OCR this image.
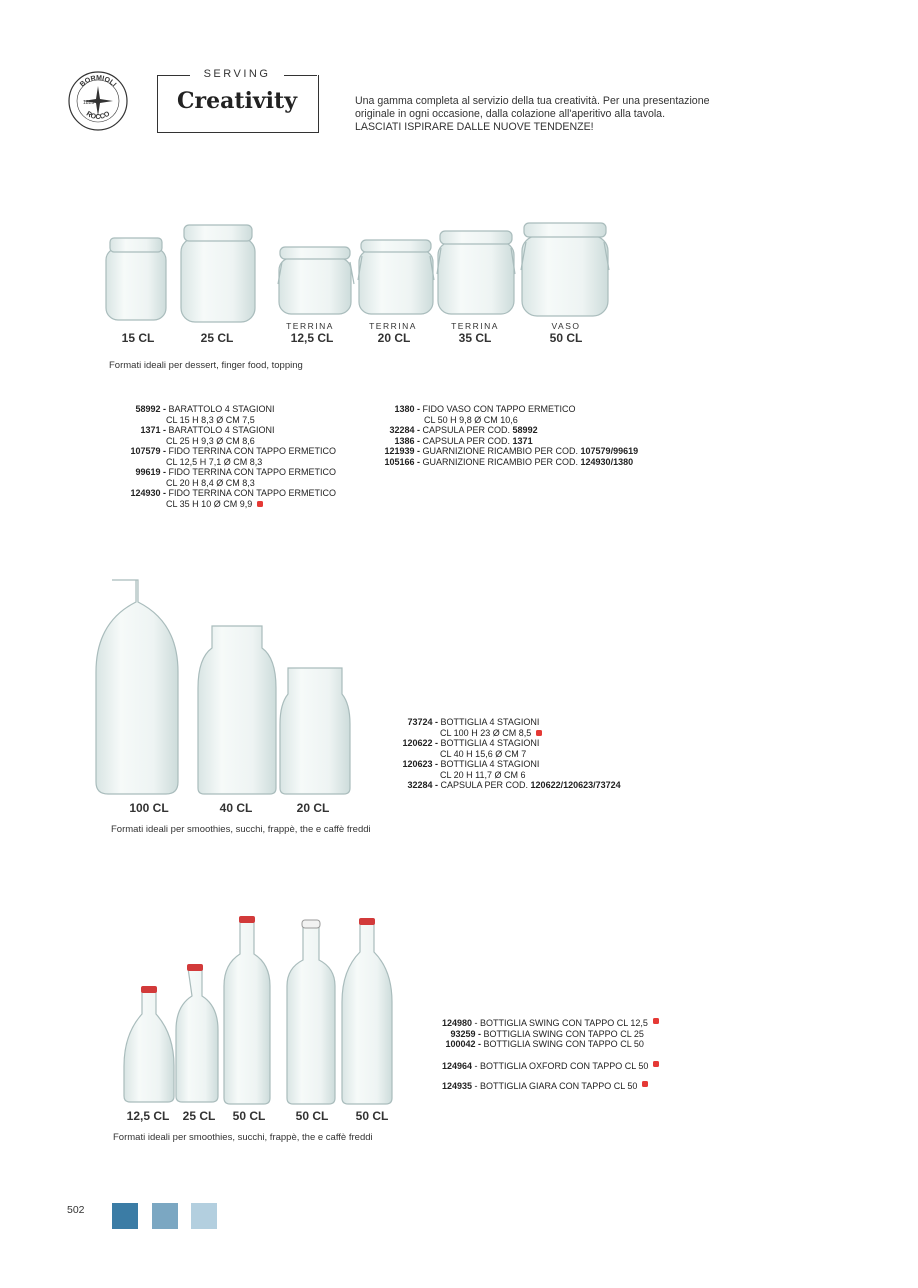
BORMIOLI
1825
ROCCO
SERVING
Creativity	Una gamma completa al servizio della tua creatività. Per una presentazione
originale in ogni occasione, dalla colazione all'aperitivo alla tavola.
LASCIATI ISPIRARE DALLE NUOVE TENDENZE!
TERRINA	TERRINA	TERRINA	VASO
15 CL	25 CL	12,5 CL	20 CL	35 CL	50 CL
Formati ideali per dessert, finger food, topping
58992 -
BARATTOLO 4 STAGIONI
CL 15 H 8,3 Ø CM 7,5
1371 -
BARATTOLO 4 STAGIONI
CL 25 H 9,3 Ø CM 8,6
107579 -
FIDO TERRINA CON TAPPO ERMETICO
CL 12,5 H 7,1 Ø CM 8,3
99619 -
FIDO TERRINA CON TAPPO ERMETICO
CL 20 H 8,4 Ø CM 8,3
124930 -
FIDO TERRINA CON TAPPO ERMETICO
CL 35 H 10 Ø CM 9,9
1380 -
FIDO VASO CON TAPPO ERMETICO
CL 50 H 9,8 Ø CM 10,6
32284 -
CAPSULA PER COD. 58992
1386 -
CAPSULA PER COD. 1371
121939 -
GUARNIZIONE RICAMBIO PER COD. 107579/99619
105166 -
GUARNIZIONE RICAMBIO PER COD. 124930/1380
100 CL	40 CL	20 CL
Formati ideali per smoothies, succhi, frappè, the e caffè freddi
73724 -
BOTTIGLIA 4 STAGIONI
CL 100 H 23 Ø CM 8,5
120622 -
BOTTIGLIA 4 STAGIONI
CL 40 H 15,6 Ø CM 7
120623 -
BOTTIGLIA 4 STAGIONI
CL 20 H 11,7 Ø CM 6
32284 -
CAPSULA PER COD. 120622/120623/73724
12,5 CL	25 CL	50 CL	50 CL	50 CL
Formati ideali per smoothies, succhi, frappè, the e caffè freddi
124980 - BOTTIGLIA SWING CON TAPPO CL 12,5
93259 - BOTTIGLIA SWING CON TAPPO CL 25
100042 - BOTTIGLIA SWING CON TAPPO CL 50
124964 - BOTTIGLIA OXFORD CON TAPPO CL 50
124935 - BOTTIGLIA GIARA CON TAPPO CL 50
502
